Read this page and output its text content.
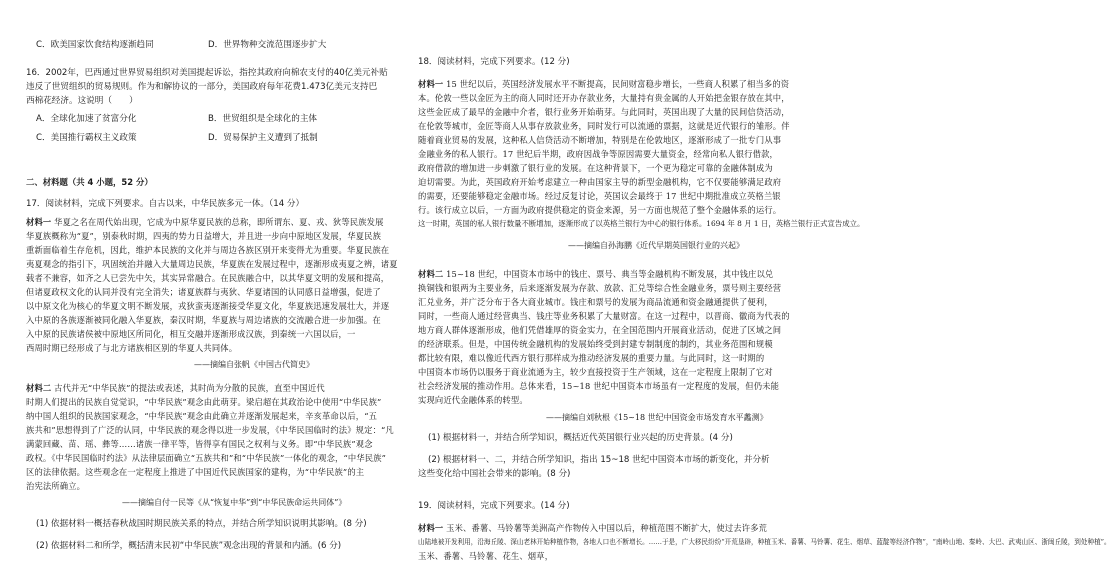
C．欧美国家饮食结构逐渐趋同	D．世界物种交流范围逐步扩大
16．2002年，巴西通过世界贸易组织对美国提起诉讼，指控其政府向棉农支付的40亿美元补贴
违反了世贸组织的贸易规则。作为和解协议的一部分，美国政府每年花费1.473亿美元支持巴
西棉花经济。这说明（　　）
A．全球化加速了贫富分化	B．世贸组织是全球化的主体
C．美国推行霸权主义政策	D．贸易保护主义遭到了抵制
二、材料题（共 4 小题，52 分）
17．阅读材料，完成下列要求。自古以来，中华民族多元一体。（14 分）
材料一 华夏之名在周代始出现，它成为中原华夏民族的总称，即所谓东、夏、戎、狄等民族发展
华夏族概称为“夏”，别泰秋时期，四夷的势力日益增大，并且进一步向中原地区发展，华夏民族
重新面临着生存危机，因此，维护本民族的文化并与周边各族区别开来变得尤为重要。华夏民族在
夷夏观念的指引下，巩固统治并融入大量周边民族，华夏族在发展过程中，逐渐形成夷夏之辨，诸夏
载者不兼容，如齐之人已尝先中矢，其实异常融合。在民族融合中，以其华夏文明的发展和提高，
但诸夏政权文化的认同并没有完全消失；诸夏族群与夷狄、华夏诸国的认同感日益增强，促进了
以中原文化为核心的华夏文明不断发展，戎狄蛮夷逐渐接受华夏文化，华夏族迅速发展壮大，并逐
入中原的各族逐渐被同化融入华夏族，秦汉时期，华夏族与周边诸族的交流融合进一步加强。在
入中原的民族诸侯被中原地区所同化，相互交融并逐渐形成汉族，到秦统一六国以后，一
西周时期已经形成了与北方诸族相区别的华夏人共同体。
——摘编自张帆《中国古代简史》
材料二 古代并无“中华民族”的提法或表述，其时尚为分散的民族，直至中国近代
时期人们提出的民族自觉觉识，“中华民族”观念由此萌芽。梁启超在其政治论中使用“中华民族”
纳中国人组织的民族国家观念，“中华民族”观念由此确立并逐渐发展起来，辛亥革命以后，“五
族共和”思想得到了广泛的认同，中华民族的观念得以进一步发展，《中华民国临时约法》规定：“凡
满蒙回藏、苗、瑶、彝等……诸族一律平等，皆得享有国民之权利与义务。即“中华民族”观念
政权。《中华民国临时约法》从法律层面确立“五族共和”和“中华民族”一体化的观念，“中华民族”
区的法律依据。这些观念在一定程度上推进了中国近代民族国家的建构，为“中华民族”的主
治宪法所确立。
——摘编自付一民等《从“恢复中华”到“中华民族命运共同体”》
(1) 依据材料一概括春秋战国时期民族关系的特点，并结合所学知识说明其影响。(8 分)
(2) 依据材料二和所学，概括清末民初“中华民族”观念出现的背景和内涵。(6 分)
18．阅读材料，完成下列要求。(12 分)
材料一 15 世纪以后，英国经济发展水平不断提高，民间财富稳步增长，一些商人积累了相当多的资
本。伦敦一些以金匠为主的商人同时还开办存款业务，大量持有贵金属的人开始把金银存放在其中，
这些金匠成了最早的金融中介者，银行业务开始萌芽。与此同时，英国出现了大量的民间信贷活动，
在伦敦等城市，金匠等商人从事存放款业务，同时发行可以流通的票据，这就是近代银行的雏形。伴
随着商业贸易的发展，这种私人信贷活动不断增加，特别是在伦敦地区，逐渐形成了一批专门从事
金融业务的私人银行。17 世纪后半期，政府因战争等原因需要大量资金，经常向私人银行借款，
政府借款的增加进一步刺激了银行业的发展。在这种背景下，一个更为稳定可靠的金融体制成为
迫切需要。为此，英国政府开始考虑建立一种由国家主导的新型金融机构，它不仅要能够满足政府
的需要，还要能够稳定金融市场。经过反复讨论，英国议会最终于 17 世纪中期批准成立英格兰银
行。该行成立以后，一方面为政府提供稳定的资金来源，另一方面也规范了整个金融体系的运行。
这一时期，英国的私人银行数量不断增加，逐渐形成了以英格兰银行为中心的银行体系。1694 年 8 月 1 日，英格兰银行正式宣告成立。
——摘编自孙海鹏《近代早期英国银行业的兴起》
材料二 15~18 世纪，中国资本市场中的钱庄、票号、典当等金融机构不断发展，其中钱庄以兑
换铜钱和银两为主要业务，后来逐渐发展为存款、放款、汇兑等综合性金融业务，票号则主要经营
汇兑业务，并广泛分布于各大商业城市。钱庄和票号的发展为商品流通和资金融通提供了便利，
同时，一些商人通过经营典当、钱庄等业务积累了大量财富。在这一过程中，以晋商、徽商为代表的
地方商人群体逐渐形成，他们凭借雄厚的资金实力，在全国范围内开展商业活动，促进了区域之间
的经济联系。但是，中国传统金融机构的发展始终受到封建专制制度的制约，其业务范围和规模
都比较有限，难以像近代西方银行那样成为推动经济发展的重要力量。与此同时，这一时期的
中国资本市场仍以服务于商业流通为主，较少直接投资于生产领域，这在一定程度上限制了它对
社会经济发展的推动作用。总体来看，15~18 世纪中国资本市场虽有一定程度的发展，但仍未能
实现向近代金融体系的转型。
——摘编自刘秋根《15~18 世纪中国资金市场发育水平蠡测》
(1) 根据材料一，并结合所学知识，概括近代英国银行业兴起的历史背景。(4 分)
(2) 根据材料一、二，并结合所学知识，指出 15~18 世纪中国资本市场的新变化，并分析
这些变化给中国社会带来的影响。(8 分)
19．阅读材料，完成下列要求。(14 分)
材料一 玉米、番薯、马铃薯等美洲高产作物传入中国以后，种植范围不断扩大，使过去许多荒
山陆地被开发利用，沿海丘陵、深山老林开始种植作物，各地人口也不断增长。……于是，广大移民纷纷“开荒垦辟，种植玉米、番薯、马铃薯、花生、烟草、蓝靛等经济作物”，“南岭山地、秦岭、大巴、武夷山区、浙闽丘陵，到处种植”。
玉米、番薯、马铃薯、花生、烟草，
